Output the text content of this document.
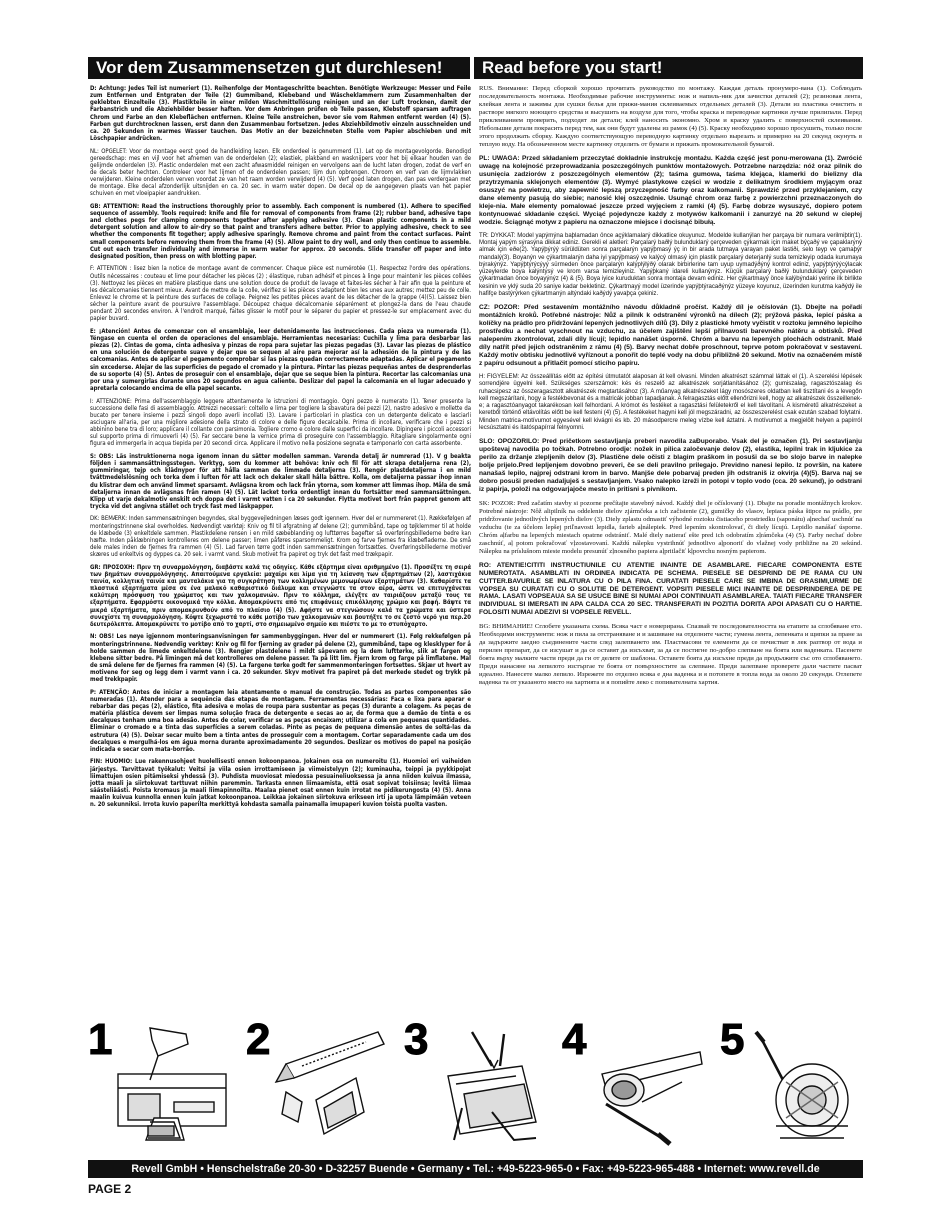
Vor dem Zusammensetzen gut durchlesen!	Read before you start!

D: Achtung: Jedes Teil ist numeriert (1). Reihenfolge der Montageschritte beachten. Benötigte Werkzeuge: Messer und Feile zum Entfernen und Entgraten der Teile (2) Gummiband, Klebeband und Wäscheklammern zum Zusammenhalten der geklebten Einzelteile (3). Plastikteile in einer milden Waschmittellösung reinigen und an der Luft trocknen, damit der Farbanstrich und die Abziehbilder besser haften. Vor dem Anbringen prüfen ob Teile passen, Klebstoff sparsam auftragen Chrom und Farbe an den Klebeflächen entfernen. Kleine Teile anstreichen, bevor sie vom Rahmen entfernt werden (4) (5). Farben gut durchtrocknen lassen, erst dann den Zusammenbau fortsetzen. Jedes Abziehbildmotiv einzeln ausschneiden und ca. 20 Sekunden in warmes Wasser tauchen. Das Motiv an der bezeichneten Stelle vom Papier abschieben und mit Löschpapier andrücken.

NL: OPGELET: Voor de montage eerst goed de handleiding lezen. Elk onderdeel is genummerd (1). Let op de montagevolgorde. Benodigd gereedschap: mes en vijl voor het afnemen van de onderdelen (2); elastiek, plakband en wasknijpers voor het bij elkaar houden van de gelijmde onderdelen (3). Plastic onderdelen met een zacht afwasmiddel reinigen en vervolgens aan de lucht laten drogen, zodat de verf en de decals beter hechten. Controleer voor het lijmen of de onderdelen passen; lijm dun opbrengen. Chroom en verf van de lijmvlakken verwijderen. Kleine onderdelen verven voordat ze van het raam worden verwijderd (4) (5). Verf goed laten drogen, dan pas verdergaan met de montage. Elke decal afzonderlijk uitsnijden en ca. 20 sec. in warm water dopen. De decal op de aangegeven plaats van het papier schuiven en met vloeipapier aandrukken.

GB: ATTENTION: Read the instructions thoroughly prior to assembly. Each component is numbered (1). Adhere to specified sequence of assembly. Tools required: knife and file for removal of components from frame (2); rubber band, adhesive tape and clothes pegs for clamping components together after applying adhesive (3). Clean plastic components in a mild detergent solution and allow to air-dry so that paint and transfers adhere better. Prior to applying adhesive, check to see whether the components fit together; apply adhesive sparingly. Remove chrome and paint from the contact surfaces. Paint small components before removing them from the frame (4) (5). Allow paint to dry well, and only then continue to assemble. Cut out each transfer individually and immerse in warm water for approx. 20 seconds. Slide transfer off paper and into designated position, then press on with blotting paper.

F: ATTENTION : lisez bien la notice de montage avant de commencer. Chaque pièce est numérotée (1). Respectez l'ordre des opérations. Outils nécessaires : couteau et lime pour détacher les pièces (2) ; élastique, ruban adhésif et pinces à linge pour maintenir les pièces collées (3). Nettoyez les pièces en matière plastique dans une solution douce de produit de lavage et faites-les sécher à l'air afin que la peinture et les décalcomanies tiennent mieux. Avant de mettre de la colle, vérifiez si les pièces s'adaptent bien les unes aux autres; mettez peu de colle. Enlevez le chrome et la peinture des surfaces de collage. Peignez les petites pièces avant de les détacher de la grappe (4)(5). Laissez bien sécher la peinture avant de poursuivre l'assemblage. Découpez chaque décalcomanie séparément et plongez-la dans de l'eau chaude pendant 20 secondes environ. À l'endroit marqué, faites glisser le motif pour le séparer du papier et pressez-le sur emplacement avec du papier buvard.

E: ¡Atención! Antes de comenzar con el ensamblaje, leer detenidamente las instrucciones. Cada pieza va numerada (1). Téngase en cuenta el orden de operaciones del ensamblaje. Herramientas necesarias: Cuchilla y lima para desbarbar las piezas (2). Cintas de goma, cinta adhesiva y pinzas de ropa para sujetar las piezas pegadas (3). Lavar las piezas de plástico en una solución de detergente suave y dejar que se sequen al aire para mejorar así la adhesión de la pintura y de las calcomanías. Antes de aplicar el pegamento comprobar si las piezas quedan correctamente adaptadas. Aplicar el pegamento sin excederse. Alejar de las superficies de pegado el cromado y la pintura. Pintar las piezas pequeñas antes de desprenderlas de su soporte (4) (5). Antes de proseguir con el ensamblaje, dejar que se seque bien la pintura. Recortar las calcomanías una por una y sumergirlas durante unos 20 segundos en agua caliente. Deslizar del papel la calcomanía en el lugar adecuado y apretarla colocando encima de ella papel secante.

I: ATTENZIONE: Prima dell'assemblaggio leggere attentamente le istruzioni di montaggio. Ogni pezzo è numerato (1). Tener presente la successione delle fasi di assemblaggio. Attrezzi necessari: coltello e lima per togliere la sbavatura dei pezzi (2), nastro adesivo e mollette da bucato per tenere insieme i pezzi singoli dopo averli incollati (3). Lavare i particolari in plastica con un detergente delicato e lasciarli asciugare all'aria, per una migliore adesione della strato di colore e delle figure decalcabile. Prima di incollare, verificare che i pezzi si abbinino bene tra di loro; applicare il collante con parsimonia. Togliere cromo e colore dalle superfici da incollare. Dipingere i piccoli accessori sul supporto prima di rimuoverli (4) (5). Far seccare bene la vernice prima di proseguire con l'assemblaggio. Ritagliare singolarmente ogni figura ed immergerla in acqua tiepida per 20 secondi circa. Applicare il motivo nella posizione segnata e tamponarlo con carta assorbente.

S: OBS: Läs instruktionerna noga igenom innan du sätter modellen samman. Varenda detalj är numrerad (1). V g beakta följden i sammansättningsstegen. Verktyg, som du kommer att behöva: kniv och fil för att skrapa detaljerna rena (2), gummiringar, tejp och klädnypor för att hålla samman de limmade detaljerna (3). Rengör plastdetaljerna i en mild tvättmedelslösning och torka dem i luften för att lack och dekaler skall hålla bättre. Kolla, om detaljerna passar ihop innan du klistrar dem och använd limmet sparsamt. Avlägsna krom och lack från ytorna, som kommer att limmas ihop. Måla de små detaljerna innan de avlägsnas från ramen (4) (5). Lät lacket torka ordentligt innan du fortsätter med sammansättningen. Klipp ut varje dekalmotiv enskilt och doppa det i varmt vatten i ca 20 sekunder. Flytta motivet bort från pappret genom att trycka vid det angivna stället och tryck fast med läskpapper.

DK: BEMÆRK: Inden sammensætningen begyndes, skal byggevejledningen læses godt igennem. Hver del er nummereret (1). Rækkefølgen af monteringstrinnene skal overholdes. Nødvendigt værktøj: Kniv og fil til afgratning af delene (2); gummibånd, tape og tøjklemmer til at holde de klæbede (3) enkeltdele sammen. Plastikdelene rensen i en mild sæbeblanding og lufttørres bagefter så overføringsbillederne bedre kan hæfte. Inden påklæbningen kontrolleres om delene passer; limen påføres sparsommeligt. Krom og farve fjernes fra klæbefladerne. De små dele males inden de fjernes fra rammen (4) (5). Lad farven tørre godt inden sammensætningen fortsættes. Overføringsbillederne motiver skæres ud enkeltvis og dyppes ca. 20 sek. i varmt vand. Skub motivet fra papiret og tryk det fast med trækpapir.

GR: ΠΡΟΣΟΧΗ: Πριν τη συναρμολόγηση, διαβάστε καλά τις οδηγίες. Κάθε εξάρτημα είναι αριθμημένο (1). Προσέξτε τη σειρά των βημάτων συναρμολόγησης. Απαιτούμενα εργαλεία: μαχαίρι και λίμα για τη λείανση των εξαρτημάτων (2), λαστιχάκια ταινία, κολλητική ταινία και μανταλάκια για τη συγκράτηση των κολλημένων μεμονωμένων εξαρτημάτων (3). Καθαρίστε τα πλαστικά εξαρτήματα μέσα σε ένα μαλακό καθαριστικό διάλυμα και στεγνώστε τα στον αέρα, ώστε να επιτυγχάνεται καλύτερη πρόσφυση του χρώματος και των χαλκομανιών. Πριν το κόλλημα, ελέγξτε αν ταιριάζουν μεταξύ τους τα εξαρτήματα. Εφαρμόστε οικονομικά την κόλλα. Απομακρύνετε από τις επιφάνειες επικόλλησης χρώμιο και βαφή. Βάψτε τα μικρά εξαρτήματα, πριν απομακρυνθούν από το πλαίσιο (4) (5). Αφήστε να στεγνώσουν καλά τα χρώματα και ύστερα συνεχίστε τη συναρμολόγηση. Κόψτε ξεχωριστά το κάθε μοτίβο των χαλκομανιών και βουτήξτε το σε ζεστό νερό για περ.20 δευτερόλεπτα. Απομακρύνετε το μοτίβο από το χαρτί, στο σημειωμένο σημείο και πιέστε το με το στυπόχαρτο.

N: OBS! Les nøye igjennom monteringsanvisningen før sammenbyggingen. Hver del er nummerert (1). Følg rekkefølgen på monteringstrinnene. Nødvendig verktøy: Kniv og fil for fjerning av grader på delene (2), gummibånd, tape og klesklyper for å holde sammen de limede enkeltdelene (3). Rengjør plastdelene i mildt såpevann og la dem lufttørke, slik at fargen og klebene sitter bedre. På limingen må det kontrolleres om delene passer. Ta på litt lim. Fjern krom og farge på limflatene. Mal de små delene før de fjernes fra rammen (4) (5). La fargene tørke godt før sammenmonteringen fortsettes. Skjær ut hvert av motivene for seg og legg dem i varmt vann i ca. 20 sekunder. Skyv motivet fra papiret på det merkede stedet og trykk på med trekkpapir.

P: ATENÇÃO: Antes de iniciar a montagem leia atentamente o manual de construção. Todas as partes componentes são numeradas (1). Atender para a sequência das etapas de montagem. Ferramentas necessárias: Faca e lixa para aparar e rebarbar das peças (2), elástico, fita adesiva e molas de roupa para sustentar as peças (3) durante a colagem. As peças de matéria plástica devem ser limpas numa solução fraca de detergente e secas ao ar, de forma que a demão de tinta e os decalques tenham uma boa adesão. Antes de colar, verificar se as peças encaixam; utilizar a cola em pequenas quantidades. Eliminar o cromado e a tinta das superfícies a serem coladas. Pinte as peças de pequena dimensão antes de soltá-las da estrutura (4) (5). Deixar secar muito bem a tinta antes de prosseguir com a montagem. Cortar separadamente cada um dos decalques e mergulhá-los em água morna durante aproximadamente 20 segundos. Deslizar os motivos do papel na posição indicada e secar com mata-borrão.

FIN: HUOMIO: Lue rakennusohjeet huolellisesti ennen kokoonpanoa. Jokainen osa on numeroitu (1). Huomioi eri vaiheiden järjestys. Tarvittavat työkalut: Veitsi ja viila osien irrottamiseen ja viimeistelyyn (2); kuminauha, teippi ja pyykkipojat liimattujen osien pitämiseksi yhdessä (3). Puhdista muoviosat miedossa pesuaineliuoksessa ja anna niiden kuivua ilmassa, jotta maali ja siirtokuvat tarttuvat niihin paremmin. Tarkasta ennen liimaamista, että osat sopivat toisiinsa; levitä liimaa säästeliäästi. Poista kromaus ja maali liimapinnoilta. Maalaa pienet osat ennen kuin irrotat ne pidikerungosta (4) (5). Anna maalin kuivua kunnolla ennen kuin jatkat kokoonpanoa. Leikkaa jokainen siirtokuva erikseen irti ja upota lämpimään veteen n. 20 sekunniksi. Irrota kuvio paperilta merkittyä kohdasta samalla painamalla imupaperi kuvion toista puolta vasten.

RUS. Внимание: Перед сборкой хорошо прочитать руководство по монтажу. Каждая деталь пронумеро-вана (1). Соблюдать последовательность монтажа. Необходимые рабочие инструменты: нож и напиль-ник для зачистки деталей (2); резиновая лента, клейкая лента и зажимы для сушки белья для прижи-мания склеиваемых отдельных деталей (3). Детали из пластика очистить в растворе мягкого моющего средства и высушить на воздухе для того, чтобы краска и переводные картинки лучше прилипали. Перед приклеиванием проверить, подходят ли детали; клей наносить экономно. Хром и краску удалить с поверхностей склеивания. Небольшие детали покрасить перед тем, как они будут удалены из рамок (4) (5). Краску необходимо хорошо просушить, только после этого продолжать сборку. Каждую соответствующую переводную картинку отдельно вырезать и примерно на 20 секунд окунуть в теплую воду. На обозначенном месте картинку отделить от бумаги и прижать промокательной бумагой.

PL: UWAGA: Przed składaniem przeczytać dokładnie instrukcję montażu. Każda część jest ponu-merowana (1). Zwrócić uwagę na kolejność przeprowadzania poszczególnych punktów montażowych. Potrzebne narzędzia: nóż oraz pilnik do usunięcia zadziorów z poszczególnych elementów (2); taśma gumowa, taśma klejąca, klamerki do bielizny dla przytrzymania sklejonych elementów (3). Wymyć plastykowe części w wodzie z delikatnym środkiem myjącym oraz osuszyć na powietrzu, aby zapewnić lepszą przyczepność farby oraz kalkomanii. Sprawdzić przed przyklejaniem, czy dane elementy pasują do siebie; nanosić klej oszczędnie. Usunąć chrom oraz farbę z powierzchni przeznaczonych do kleje-nia. Małe elementy pomalować jeszcze przed wyjęciem z ramki (4) (5). Farbę dobrze wysuszyć, dopiero potem kontynuować składanie części. Wyciąć pojedyncze każdy z motywów kalkomanii i zanurzyć na 20 sekund w ciepłej wodzie. Ściągnąć motyw z papieru na oznaczone miejsce i docisnąć bibułą.

TR: DYKKAT: Model yapýmýna baþlamadan önce açýklamalarý dikkatlice okuyunuz. Modelde kullanýlan her parçaya bir numara verilmiþtir(1). Montaj yapým sýrasýna dikkat ediniz. Gerekli el aletleri: Parçalarý baðlý bulunduklarý çerçeveden çýkarmak için maket býçaðý ve çapaklarýný almak için eðe(2). Yapýþýrýý sürüldüten sonra parçalarýn yapýþmasý ýç in bir arada tutmaya yarayan paket lastiði, selo teyp ve çamaþýr mandalý(3). Boyanýn ve çýkartmalarýn daha iyi yapýþmasý ve kalýcý olmasý için plastik parçalarý deterjanlý suda temizleyip odada kurumaya býrakýnýz. Yapýþtýrýcýyý sürmeden önce parçalarýn kalýplýlýðý olarak birbirlerine tam uyup uymadýðýný kontrol ediniz, yapýþtýrýýcýlacak yüzeylerde boya kalýntýsý ve krom varsa temizleyiniz. Yapýþkaný idareli kullanýnýz. Küçük parçalarý baðlý bulunduklarý çerçeveden çýkartmadan önce boyayýnýz (4) & (5). Boya iyice kuruduktan sonra montaja devam ediniz. Her çýkartmayý önce kalýbýndaki yerine ilk birlikte kesinin ve yklý suda 20 saniye kadar bekletiniz. Çýkartmayý model üzerinde yapýþtýracaðýnýz yüzeye koyunuz, üzerinden kurutma kaðýdý ile hafifçe bastýrýrken çýkartmanýn altýndaki kaðýdý yavaþça çekiniz.

CZ: POZOR: Před sestavením montážního návodu důkladně pročíst. Každý díl je očíslován (1). Dbejte na pořadí montážních kroků. Potřebné nástroje: Nůž a pilník k odstranění výronků na dílech (2); prýžová páska, lepicí páska a kolíčky na prádlo pro přidržování lepených jednotlivých dílů (3). Díly z plastické hmoty vyčistit v roztoku jemného lepicího prostředku a nechat vyschnout na vzduchu, za účelem zajištění lepší přilnavosti barevného nátěru a obtisků. Před nalepením zkontrolovat, zdali díly lícují; lepidlo nanášet úsporně. Chróm a barvu na lepených plochách odstranit. Malé díly natřít před jejich odstraněním z rámu (4) (5). Barvy nechat dobře proschnout, teprve potom pokračovat v sestavení. Každý motiv obtisku jednotlivě vyříznout a ponořit do teplé vody na dobu přibližně 20 sekund. Motiv na označeném místě z papíru odsunout a přitlačit pomocí sticího papíru.

H: FIGYELEM: Az összeállítás előtt az építési útmutatót alaposan át kell olvasni. Minden alkatrészt számmal láttak el (1). A szerelési lépések sorrendjére ügyelni kell. Szükséges szerszámok: kés és reszelő az alkatrészek sorjátlanításához (2); gumiszalag, ragasztószalag és ruhacsipesz az összeragasztott alkatrészek megtartásához (3). A műanyag alkatrészeket lágy mosószeres oldatban kell tisztítani és a levegőn kell megszárítani, hogy a festékbevonat és a matricák jobban tapadjanak. A felragasztás előtt ellenőrizni kell, hogy az alkatrészek összeillenek-e; a ragasztóanyagot takarékosan kell felhordani. A krómot és festéket a ragasztási felületekről el kell távolítani. A kisméretű alkatrészeket a keretből történő eltávolítás előtt be kell festeni (4) (5). A festékeket hagyni kell jól megszáradni, az összeszerelést csak ezután szabad folytatni. Minden matrica-motívumot egyesével kell kivágni és kb. 20 másodpercre meleg vízbe kell áztatni. A motívumot a megjelölt helyen a papírról lecsúsztatni és itatóspapírral felnyomni.

SLO: OPOZORILO: Pred pričetkom sestavljanja preberi navodila zaĐuporabo. Vsak del je označen (1). Pri sestavljanju upoštevaj navodila po točkah. Potrebno orodje: nožek in pilica zaločevanje delov (2), elastika, lepilni trak in kljukice za perilo za držanje zlepljenih delov (3). Plastične dele očisti z blagim praškom in posuši da se bo slojo barve in nalepke bolje prijelo.Pred lepljenjem dovobno preveri, če se deli pravilno prilegajo. Previdno nanesi lepilo. Iz površin, na katere nanašaš lepilo, najprej odstrani krom in barvo. Manjše dele pobarvaj preden jih odstraniš iz okvirja (4)(5). Barva naj se dobro posuši preden nadaljuješ s sestavljanjem. Vsako nalepko izreži in potopi v toplo vodo (cca. 20 sekund), jo odstrani iz papirja, položi na odgovarjajoče mesto in pritisni s pivnikom.

SK: POZOR: Pred začatím stavby si pozorne prečítajte stavebný návod. Každý diel je očíslovaný (1). Dbajte na poradie montážnych krokov. Potrebné nástroje: Nôž alipilník na oddelenie dielov zjármčeka a ich začistenie (2), gumičky do vlasov, lepiaca páska štipce na prádlo, pre pridržovanie jednotlivých lepených dielov (3). Diely zplastu odmastiť výhodné roztoku čistiaceho prostriedku (saponátu) aļnechať uschnúť na vzduchu (te za účelom lepšej priľnavosti lepidla, farieb aļnálepiek. Pred lepením skontrolovať, či diely lícujú. Lepidlo nanášať úsporne. Chróm aļfarbu na lepených miestach opatrne odstrániť. Malé diely natierať ešte pred ich odobratím zļrámčeka (4) (5). Farby nechať dobre zaschnúť, aļ potom pokračovať vļzostavovaní. Každú nálepku vystrihnúť jednotlivo aļponoriť do vlažnej vody približne na 20 sekúnd. Nálepku na príslušnom mieste modelu presunúť zļnosného papiera aļpritlačiť kļpovrchu nosným papierom.

RO: ATENTIE!CITITI INSTRUCTIUNILE CU ATENTIE INAINTE DE ASAMBLARE. FIECARE COMPONENTA ESTE NUMEROTATA. ASAMBLATI IN ORDINEA INDICATA PE SCHEMA. PIESELE SE DESPRIND DE PE RAMA CU UN CUTTER.BAVURILE SE INLATURA CU O PILA FINA. CURATATI PIESELE CARE SE IMBINA DE GRASIMI,URME DE VOPSEA SU CURATATI CU O SOLUTIE DE DETERGENT. VOPSITI PIESELE MICI INAINTE DE DESPRINDEREA DE PE RAMA. LASATI VOPSEAUA SA SE USUCE BINE SI NUMAI APOI CONTINUATI ASAMBLAREA. TAIATI FIECARE TRANSFER INDIVIDUAL SI IMERSATI IN APA CALDA CCA 20 SEC. TRANSFERATI IN POZITIA DORITA APOI APASATI CU O HARTIE. FOLOSITI NUMAI ADEZIVI SI VOPSELE REVELL.

BG: ВНИМАНИЕ! Сглобете указаната схема. Всяка част е номерирана. Спазвай те последователността на етапите за сглобяване ето. Необходими инструменти: нож и пила за отстраняване и и зашиване на отделните части; гумена лента, лепенката и щипки за пране за да задържите заедно съединените части след залепването им. Пластмасови те елементи да се почистват в лек разтвор от вода и перилен препарат, да се изсушат и да се оставят да изсъхват, за да се постигне по-добро слепване на боята или ваденката. Пасенете боята върху малките части преди да ги от делите от шаблона. Оставете боята да изсъхне преди да продължите със ото сглобяването. Преди нанасяне на лепилото изстъргае те боята от повърхностите за слепване. Преди залепване проверете дали частите пасват идеално. Нанесете малко лепило. Изрежете по отделно всяка е дна ваденка и я потопете в топла вода за около 20 секунди. Отлепете ваденка та от указаното място на хартията и я попийте леко с попивателната хартия.

1	2	3	4	5
Revell GmbH • Henschelstraße 20-30 • D-32257 Buende • Germany • Tel.: +49-5223-965-0 • Fax: +49-5223-965-488 • Internet: www.revell.de
PAGE 2
